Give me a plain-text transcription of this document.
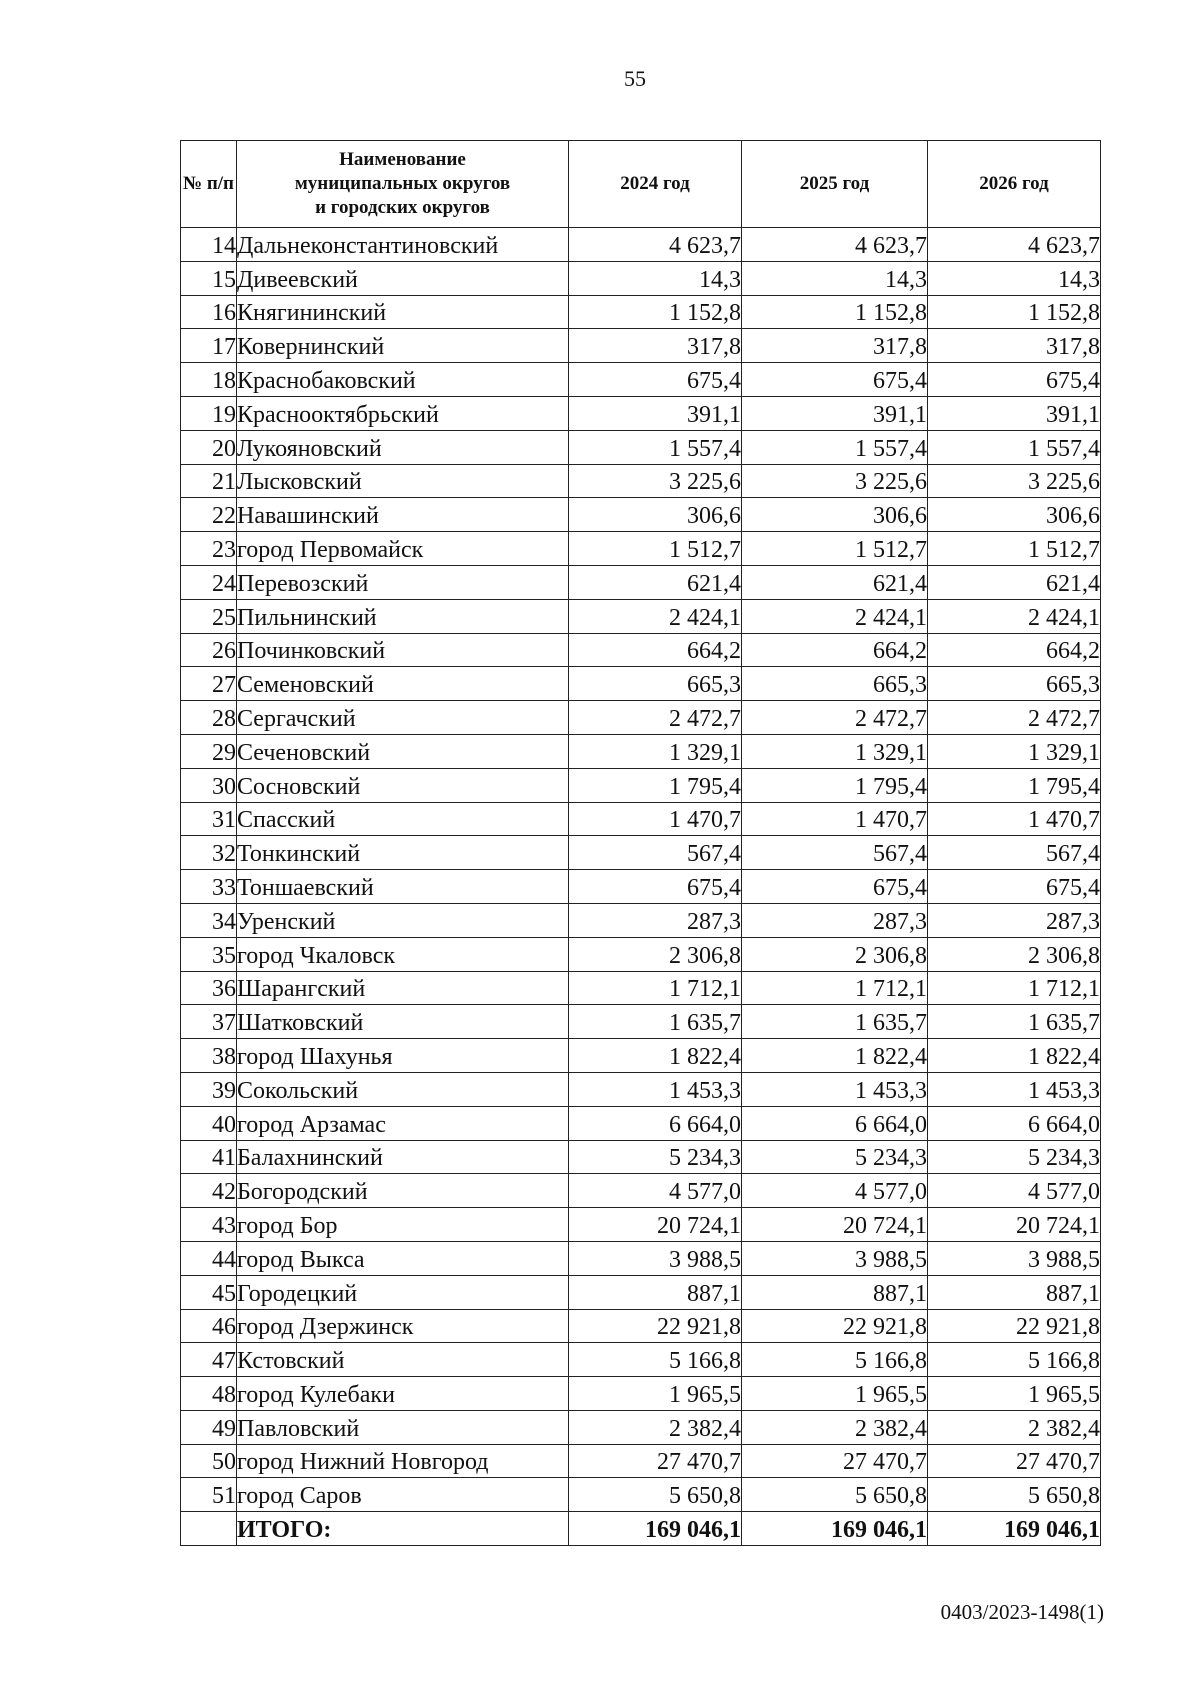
55
№ п/п	Наименование
муниципальных округов
и городских округов	2024 год	2025 год	2026 год
14	Дальнеконстантиновский	4 623,7	4 623,7	4 623,7
15	Дивеевский	14,3	14,3	14,3
16	Княгининский	1 152,8	1 152,8	1 152,8
17	Ковернинский	317,8	317,8	317,8
18	Краснобаковский	675,4	675,4	675,4
19	Краснооктябрьский	391,1	391,1	391,1
20	Лукояновский	1 557,4	1 557,4	1 557,4
21	Лысковский	3 225,6	3 225,6	3 225,6
22	Навашинский	306,6	306,6	306,6
23	город Первомайск	1 512,7	1 512,7	1 512,7
24	Перевозский	621,4	621,4	621,4
25	Пильнинский	2 424,1	2 424,1	2 424,1
26	Починковский	664,2	664,2	664,2
27	Семеновский	665,3	665,3	665,3
28	Сергачский	2 472,7	2 472,7	2 472,7
29	Сеченовский	1 329,1	1 329,1	1 329,1
30	Сосновский	1 795,4	1 795,4	1 795,4
31	Спасский	1 470,7	1 470,7	1 470,7
32	Тонкинский	567,4	567,4	567,4
33	Тоншаевский	675,4	675,4	675,4
34	Уренский	287,3	287,3	287,3
35	город Чкаловск	2 306,8	2 306,8	2 306,8
36	Шарангский	1 712,1	1 712,1	1 712,1
37	Шатковский	1 635,7	1 635,7	1 635,7
38	город Шахунья	1 822,4	1 822,4	1 822,4
39	Сокольский	1 453,3	1 453,3	1 453,3
40	город Арзамас	6 664,0	6 664,0	6 664,0
41	Балахнинский	5 234,3	5 234,3	5 234,3
42	Богородский	4 577,0	4 577,0	4 577,0
43	город Бор	20 724,1	20 724,1	20 724,1
44	город Выкса	3 988,5	3 988,5	3 988,5
45	Городецкий	887,1	887,1	887,1
46	город Дзержинск	22 921,8	22 921,8	22 921,8
47	Кстовский	5 166,8	5 166,8	5 166,8
48	город Кулебаки	1 965,5	1 965,5	1 965,5
49	Павловский	2 382,4	2 382,4	2 382,4
50	город Нижний Новгород	27 470,7	27 470,7	27 470,7
51	город Саров	5 650,8	5 650,8	5 650,8
	ИТОГО:	169 046,1	169 046,1	169 046,1
0403/2023-1498(1)
